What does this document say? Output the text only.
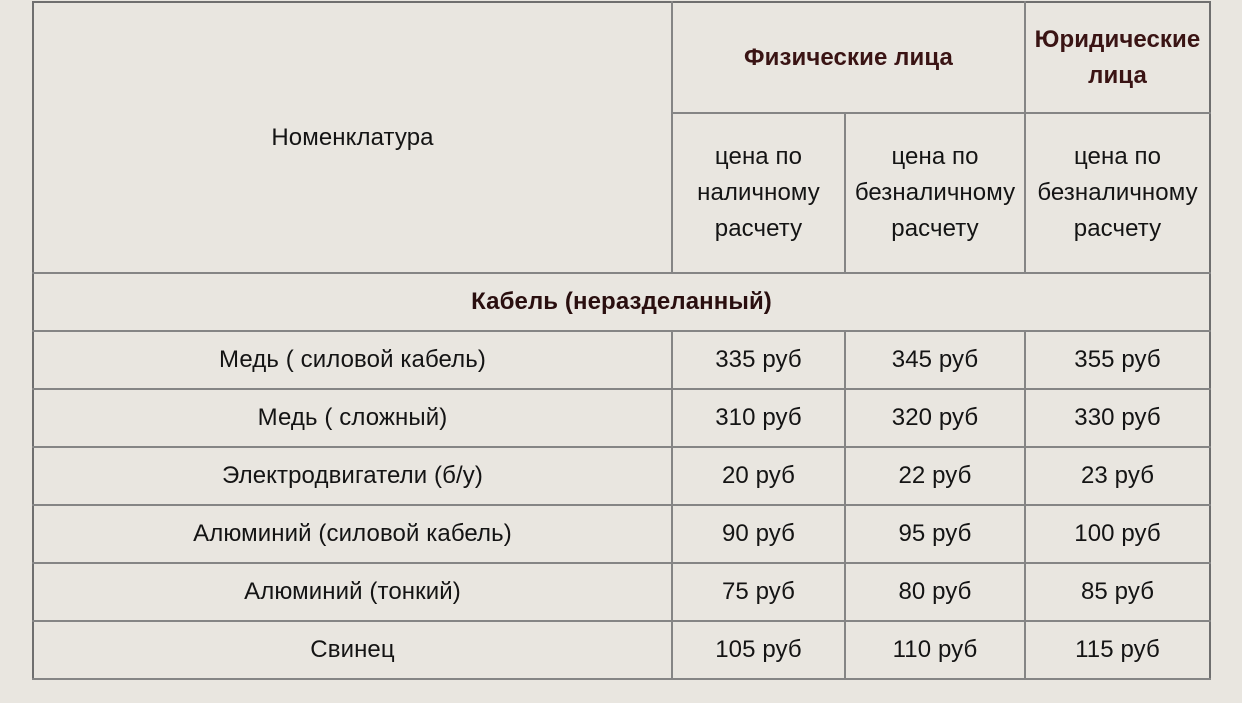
Номенклатура	Физические лица		Юридические лица
	цена по наличному расчету	цена по безналичному расчету	цена по безналичному расчету
Кабель (неразделанный)			
Медь ( силовой кабель)	335 руб	345 руб	355 руб
Медь ( сложный)	310 руб	320 руб	330 руб
Электродвигатели (б/у)	20 руб	22 руб	23 руб
Алюминий (силовой кабель)	90 руб	95 руб	100 руб
Алюминий (тонкий)	75 руб	80 руб	85 руб
Свинец	105 руб	110 руб	115 руб
